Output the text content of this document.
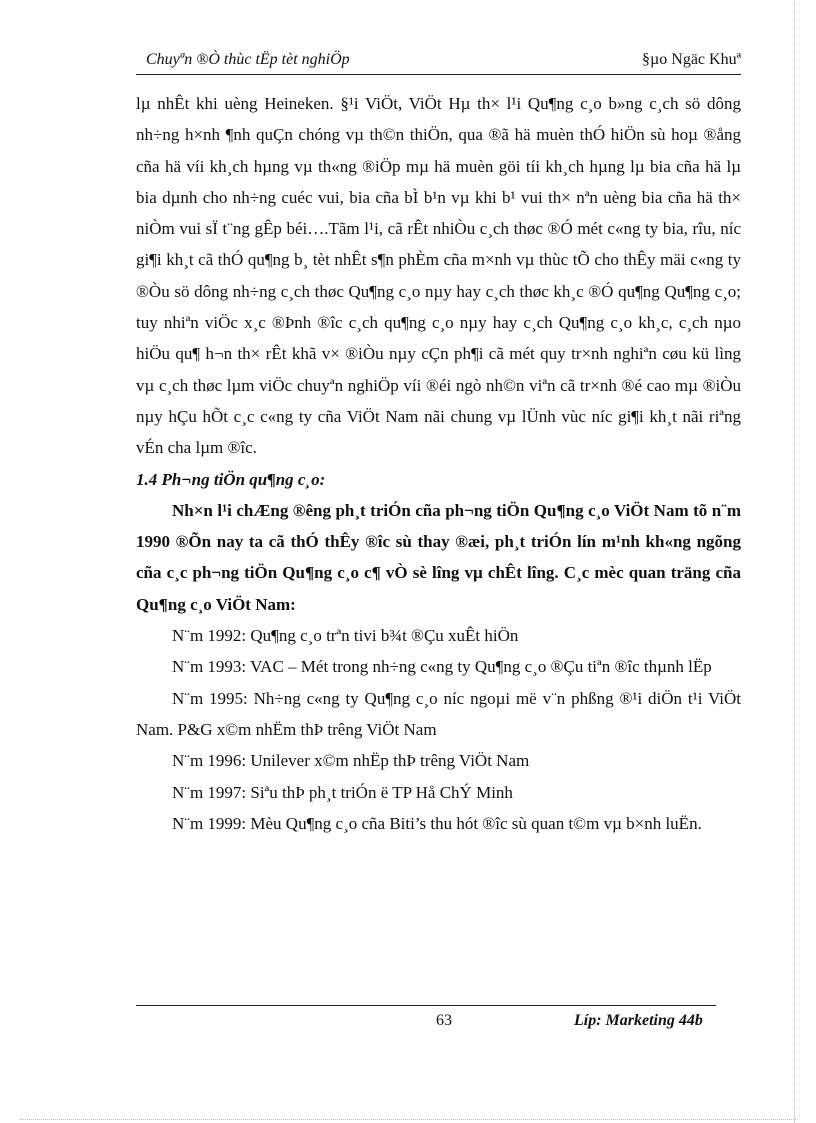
Chuyªn ®Ò thùc tËp tèt nghiÖp	§µo Ngäc Khuª

lµ nhÊt khi uèng Heineken. §¹i ViÖt, ViÖt Hµ th× l¹i Qu¶ng c¸o b»ng c¸ch sö dông nh÷ng h×nh ¶nh quÇn chóng vµ th©n thiÖn, qua ®ã hä muèn thÓ hiÖn sù hoµ ®ång cña hä víi kh¸ch hµng vµ th«ng ®iÖp mµ hä muèn göi tíi kh¸ch hµng lµ bia cña hä lµ bia dµnh cho nh÷ng cuéc vui, bia cña bÌ b¹n vµ khi b¹ vui th× nªn uèng bia cña hä th× niÒm vui sÏ t¨ng gÊp béi….Tãm l¹i, cã rÊt nhiÒu c¸ch thøc ®Ó mét c«ng ty bia, rîu, níc gi¶i kh¸t cã thÓ qu¶ng b¸ tèt nhÊt s¶n phÈm cña m×nh vµ thùc tÕ cho thÊy mäi c«ng ty ®Òu sö dông nh÷ng c¸ch thøc Qu¶ng c¸o nµy hay c¸ch thøc kh¸c ®Ó qu¶ng Qu¶ng c¸o; tuy nhiªn viÖc x¸c ®Þnh ®îc c¸ch qu¶ng c¸o nµy hay c¸ch Qu¶ng c¸o kh¸c, c¸ch nµo hiÖu qu¶ h¬n th× rÊt khã v× ®iÒu nµy cÇn ph¶i cã mét quy tr×nh nghiªn cøu kü lìng vµ c¸ch thøc lµm viÖc chuyªn nghiÖp víi ®éi ngò nh©n viªn cã tr×nh ®é cao mµ ®iÒu nµy hÇu hÕt c¸c c«ng ty cña ViÖt Nam nãi chung vµ lÜnh vùc níc gi¶i kh¸t nãi riªng vÉn cha lµm ®îc.

1.4 Ph¬ng tiÖn qu¶ng c¸o:

Nh×n l¹i chÆng ®êng ph¸t triÓn cña ph¬ng tiÖn Qu¶ng c¸o ViÖt Nam tõ n¨m 1990 ®Õn nay ta cã thÓ thÊy ®îc sù thay ®æi, ph¸t triÓn lín m¹nh kh«ng ngõng cña c¸c ph¬ng tiÖn Qu¶ng c¸o c¶ vÒ sè lîng vµ chÊt lîng. C¸c mèc quan träng cña Qu¶ng c¸o ViÖt Nam:

N¨m 1992: Qu¶ng c¸o trªn tivi b¾t ®Çu xuÊt hiÖn

N¨m 1993: VAC – Mét trong nh÷ng c«ng ty Qu¶ng c¸o ®Çu tiªn ®îc thµnh lËp

N¨m 1995: Nh÷ng c«ng ty Qu¶ng c¸o níc ngoµi më v¨n phßng ®¹i diÖn t¹i ViÖt Nam. P&G x©m nhËm thÞ trêng ViÖt Nam

N¨m 1996: Unilever x©m nhËp thÞ trêng ViÖt Nam

N¨m 1997: Siªu thÞ ph¸t triÓn ë TP Hå ChÝ Minh

N¨m 1999: Mèu Qu¶ng c¸o cña Biti’s thu hót ®îc sù quan t©m vµ b×nh luËn.

63	Líp: Marketing 44b
